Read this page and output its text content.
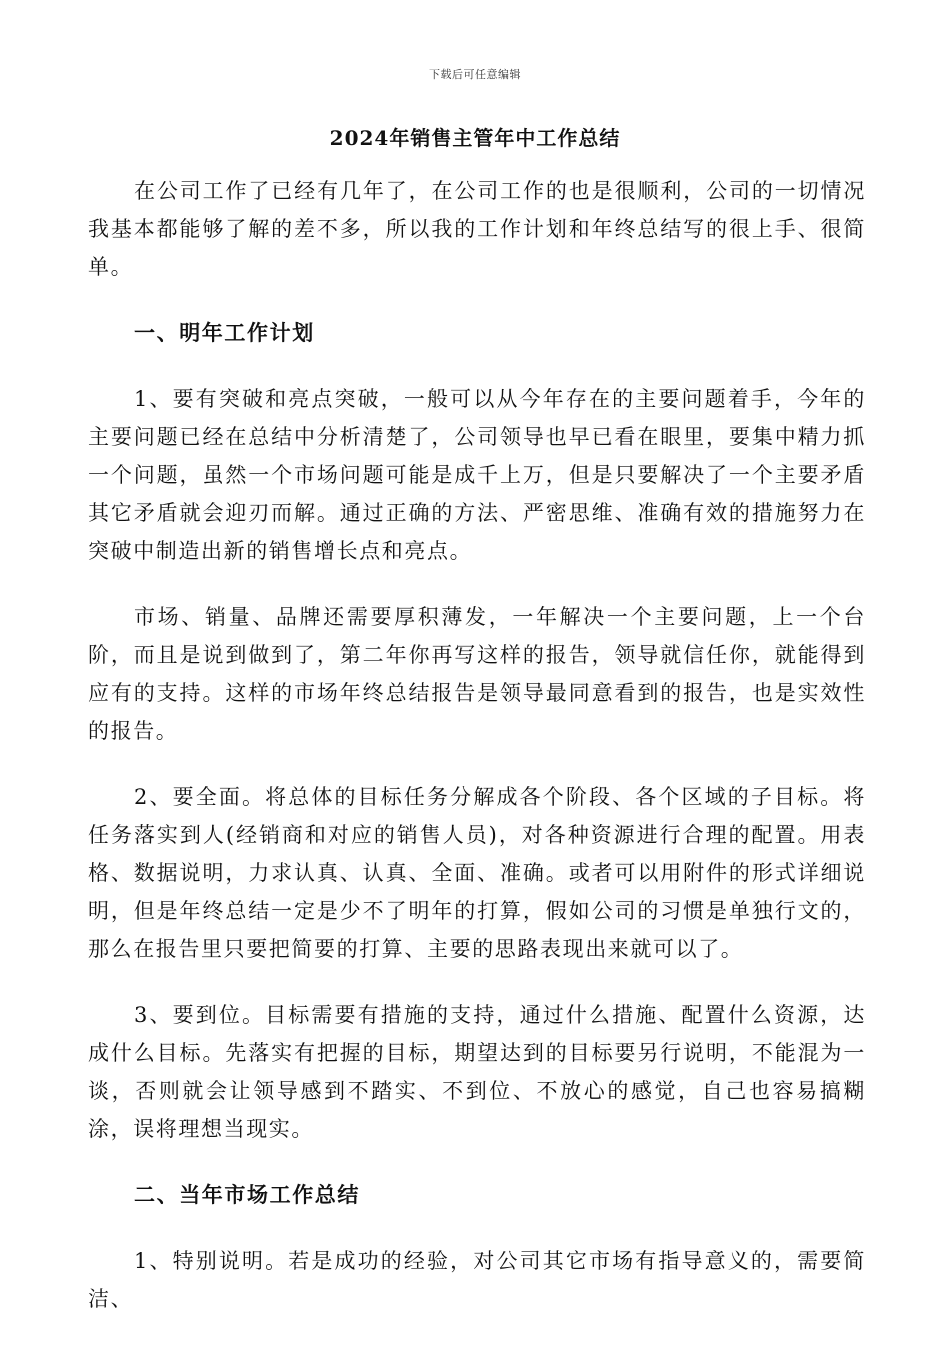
下载后可任意编辑
2024年销售主管年中工作总结

在公司工作了已经有几年了，在公司工作的也是很顺利，公司的一切情况我基本都能够了解的差不多，所以我的工作计划和年终总结写的很上手、很简单。

一、明年工作计划

1、要有突破和亮点突破，一般可以从今年存在的主要问题着手，今年的主要问题已经在总结中分析清楚了，公司领导也早已看在眼里，要集中精力抓一个问题，虽然一个市场问题可能是成千上万，但是只要解决了一个主要矛盾其它矛盾就会迎刃而解。通过正确的方法、严密思维、准确有效的措施努力在突破中制造出新的销售增长点和亮点。

市场、销量、品牌还需要厚积薄发，一年解决一个主要问题，上一个台阶，而且是说到做到了，第二年你再写这样的报告，领导就信任你，就能得到应有的支持。这样的市场年终总结报告是领导最同意看到的报告，也是实效性的报告。

2、要全面。将总体的目标任务分解成各个阶段、各个区域的子目标。将任务落实到人(经销商和对应的销售人员)，对各种资源进行合理的配置。用表格、数据说明，力求认真、认真、全面、准确。或者可以用附件的形式详细说明，但是年终总结一定是少不了明年的打算，假如公司的习惯是单独行文的，那么在报告里只要把简要的打算、主要的思路表现出来就可以了。

3、要到位。目标需要有措施的支持，通过什么措施、配置什么资源，达成什么目标。先落实有把握的目标，期望达到的目标要另行说明，不能混为一谈，否则就会让领导感到不踏实、不到位、不放心的感觉，自己也容易搞糊涂，误将理想当现实。

二、当年市场工作总结

1、特别说明。若是成功的经验，对公司其它市场有指导意义的，需要简洁、
